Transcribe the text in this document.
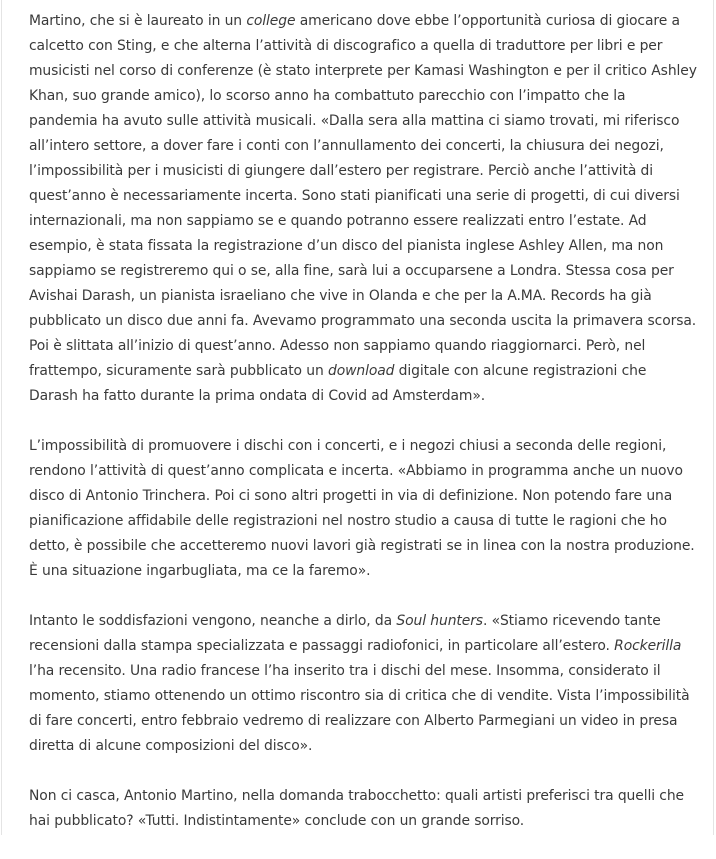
Martino, che si è laureato in un college americano dove ebbe l’opportunità curiosa di giocare a calcetto con Sting, e che alterna l’attività di discografico a quella di traduttore per libri e per musicisti nel corso di conferenze (è stato interprete per Kamasi Washington e per il critico Ashley Khan, suo grande amico), lo scorso anno ha combattuto parecchio con l’impatto che la pandemia ha avuto sulle attività musicali. «Dalla sera alla mattina ci siamo trovati, mi riferisco all’intero settore, a dover fare i conti con l’annullamento dei concerti, la chiusura dei negozi, l’impossibilità per i musicisti di giungere dall’estero per registrare. Perciò anche l’attività di quest’anno è necessariamente incerta. Sono stati pianificati una serie di progetti, di cui diversi internazionali, ma non sappiamo se e quando potranno essere realizzati entro l’estate. Ad esempio, è stata fissata la registrazione d’un disco del pianista inglese Ashley Allen, ma non sappiamo se registreremo qui o se, alla fine, sarà lui a occuparsene a Londra. Stessa cosa per Avishai Darash, un pianista israeliano che vive in Olanda e che per la A.MA. Records ha già pubblicato un disco due anni fa. Avevamo programmato una seconda uscita la primavera scorsa. Poi è slittata all’inizio di quest’anno. Adesso non sappiamo quando riaggiornarci. Però, nel frattempo, sicuramente sarà pubblicato un download digitale con alcune registrazioni che Darash ha fatto durante la prima ondata di Covid ad Amsterdam».

L’impossibilità di promuovere i dischi con i concerti, e i negozi chiusi a seconda delle regioni, rendono l’attività di quest’anno complicata e incerta. «Abbiamo in programma anche un nuovo disco di Antonio Trinchera. Poi ci sono altri progetti in via di definizione. Non potendo fare una pianificazione affidabile delle registrazioni nel nostro studio a causa di tutte le ragioni che ho detto, è possibile che accetteremo nuovi lavori già registrati se in linea con la nostra produzione. È una situazione ingarbugliata, ma ce la faremo».

Intanto le soddisfazioni vengono, neanche a dirlo, da Soul hunters. «Stiamo ricevendo tante recensioni dalla stampa specializzata e passaggi radiofonici, in particolare all’estero. Rockerilla l’ha recensito. Una radio francese l’ha inserito tra i dischi del mese. Insomma, considerato il momento, stiamo ottenendo un ottimo riscontro sia di critica che di vendite. Vista l’impossibilità di fare concerti, entro febbraio vedremo di realizzare con Alberto Parmegiani un video in presa diretta di alcune composizioni del disco».

Non ci casca, Antonio Martino, nella domanda trabocchetto: quali artisti preferisci tra quelli che hai pubblicato? «Tutti. Indistintamente» conclude con un grande sorriso.
